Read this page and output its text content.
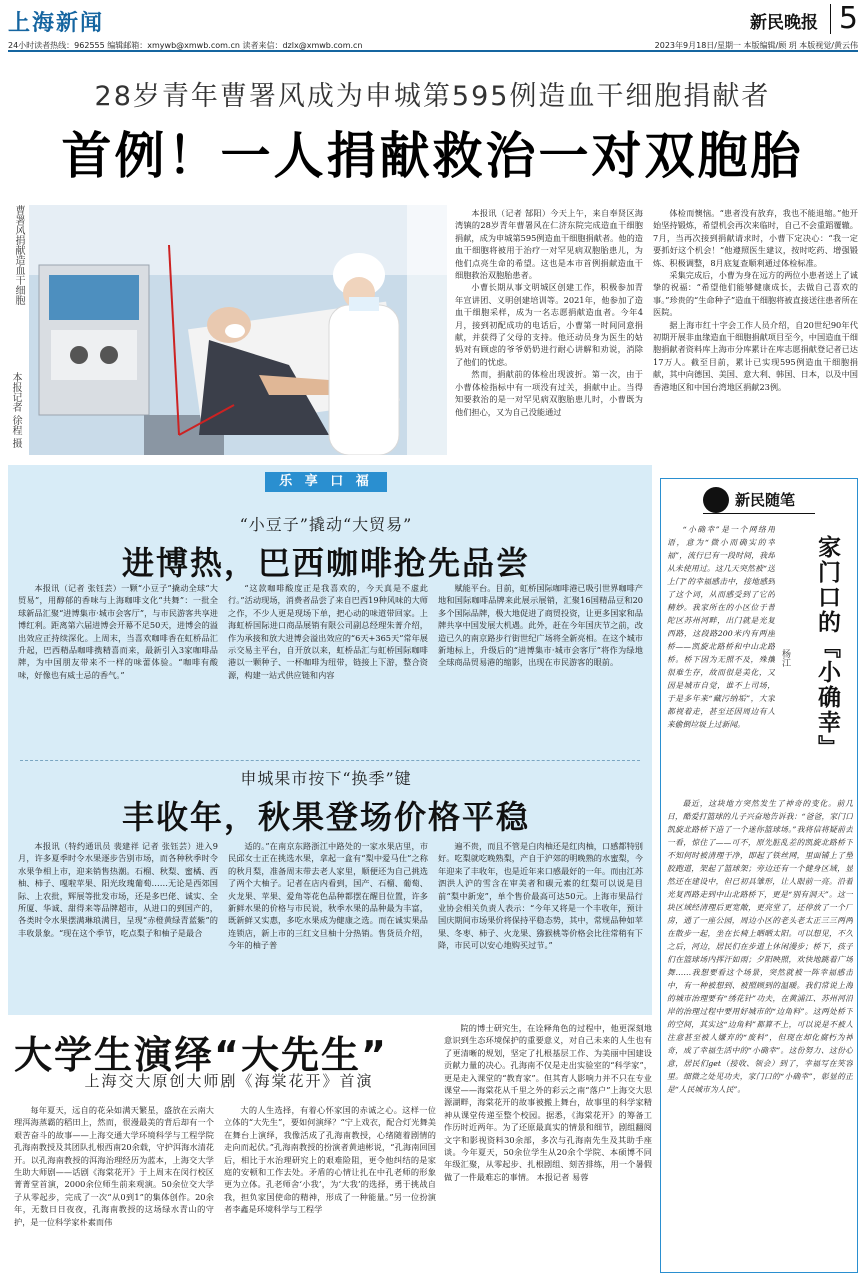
上海新闻	新民晚报 5
24小时读者热线：962555 编辑邮箱：xmywb@xmwb.com.cn 读者来信：dzlx@xmwb.com.cn	2023年9月18日/星期一 本版编辑/顾 玥 本版视觉/黄云伟
28岁青年曹署风成为申城第595例造血干细胞捐献者
首例！一人捐献救治一对双胞胎
曹署风捐献造血干细胞
本报记者 徐程 摄

本报讯（记者 郜阳）今天上午，来自奉贤区海湾镇的28岁青年曹署风在仁济东院完成造血干细胞捐献，成为申城第595例造血干细胞捐献者。他的造血干细胞将被用于治疗一对罕见病双胞胎患儿，为他们点亮生命的希望。这也是本市首例捐献造血干细胞救治双胞胎患者。

小曹长期从事文明城区创建工作，积极参加青年宣讲团、义明创建培训等。2021年，他参加了造血干细胞采样，成为一名志愿捐献造血者。今年4月，接到初配成功的电话后，小曹第一时间同意捐献，并获得了父母的支持。他还动员身为医生的姑妈对有顾虑的爷爷奶奶进行耐心讲解和劝说，消除了他们的忧虑。

然而，捐献前的体检出现波折。第一次，由于小曹体检指标中有一项没有过关，捐献中止。当得知要救治的是一对罕见病双胞胎患儿时，小曹既为他们担心，又为自己没能通过

体检而懊恼。“患者没有放弃，我也不能退缩。”他开始坚持锻炼，希望机会再次来临时，自己不会重蹈覆辙。7月，当再次接到捐献请求时，小曹下定决心：“我一定要抓好这个机会！”他遵照医生建议，按时吃药、增强锻炼、积极调整，8月底复查顺利通过体检标准。

采集完成后，小曹为身在远方的两位小患者送上了诚挚的祝福：“希望他们能够健康成长，去做自己喜欢的事。”珍贵的“生命种子”造血干细胞将被直接送往患者所在医院。

据上海市红十字会工作人员介绍，自20世纪90年代初期开展非血缘造血干细胞捐献项目至今，中国造血干细胞捐献者资料库上海市分库累计在库志愿捐献登记者已达17万人。截至目前，累计已实现595例造血干细胞捐献，其中向德国、美国、意大利、韩国、日本，以及中国香港地区和中国台湾地区捐献23例。

乐 享 口 福
“小豆子”撬动“大贸易”
进博热，巴西咖啡抢先品尝

本报讯（记者 张钰芸）一颗“小豆子”撬动全球“大贸易”，用醇郁的香味与上海咖啡文化“共舞”：一批全球新品汇聚“进博集市·城市会客厅”，与市民游客共享进博红利。距离第六届进博会开幕不足50天，进博会的溢出效应正持续深化。上周末，当喜欢咖啡香在虹桥品汇升起，巴西精品咖啡携精喜而来，最新引入3家咖啡品牌，为中国朋友带来不一样的味蕾体验。“咖啡有酸味，好像也有威士忌的香气。”

“这款咖啡酸度正是我喜欢的，今天真是不虚此行。”活动现场，消费者品尝了来自巴西19种风味的大师之作，不少人更是现场下单，把心动的味道带回家。上海虹桥国际进口商品展销有限公司副总经理朱菁介绍，作为承接和放大进博会溢出效应的“6天+365天”常年展示交易主平台，自开放以来，虹桥品汇与虹桥国际咖啡港以一颗种子、一杯咖啡为纽带，链接上下游，整合资源，构建一站式供应链和内容

赋能平台。目前，虹桥国际咖啡港已吸引世界咖啡产地和国际咖啡品牌来此展示展销，汇聚16国精品豆和20多个国际品牌，极大地促进了商贸投资，让更多国家和品牌共享中国发展大机遇。此外，赶在今年国庆节之前，改造已久的南京路步行街世纪广场将全新亮相。在这个城市新地标上，升级后的“进博集市·城市会客厅”将作为绿地全球商品贸易港的缩影，出现在市民游客的眼前。

申城果市按下“换季”键
丰收年，秋果登场价格平稳

本报讯（特约通讯员 裴建祥 记者 张钰芸）进入9月，许多夏季时令水果逐步告别市场，而各种秋季时令水果争相上市，迎来销售热潮。石榴、秋梨、蜜橘、西柚、柿子、嘎啦苹果、阳光玫瑰葡萄……无论是西郊国际、上农批，辉展等批发市场，还是多巴佬、诚实、全所厦、华诚、甜得来等品牌超市，从进口的到国产的，各类时令水果摆满琳琅满目，呈现“赤橙黄绿青蓝紫”的丰收景象。“现在这个季节，吃点梨子和柚子是最合

适的。”在南京东路浙江中路处的一家水果店里，市民邱女士正在挑选水果，拿起一盒有“梨中爱马仕”之称的秋月梨，准备周末带去老人家里，顺便还为自己挑选了两个大柚子。记者在店内看到，国产、石榴、葡萄、火龙果、苹果、爱角等花色品种都摆在醒目位置，许多新鲜水果的价格与市民说，秋季水果的品种最为丰富，既新鲜又实惠，多吃水果成为健康之选。而在诚实果品连锁店，新上市的三红文旦柚十分热销。售货员介绍，今年的柚子普

遍不贵，而且不管是白肉柚还是红肉柚，口感都特别好。吃梨就吃晚熟梨，产自于沪郊的明晚熟的水蜜梨，今年迎来了丰收年，也是近年来口感最好的一年。而由江苏泗洪人沪的雪含在审美者和碳元素的红梨可以说是目前“梨中新宠”，单个售价最高可达50元。上海市果品行业协会相关负责人表示：“今年又将是一个丰收年，预计国庆期间市场果价将保持平稳态势，其中，常规品种如苹果、冬枣、柿子、火龙果、猕猴桃等价格会比往常稍有下降，市民可以安心地购买过节。”

大学生演绎“大先生”
上海交大原创大师剧《海棠花开》首演

每年夏天，远自的花朵如满天繁星，盛放在云南大理洱海蒸霸的稻田上，然而，很漫最美的背后却有一个艰苦奋斗的故事——上海交通大学环境科学与工程学院孔海南教授及其团队扎根西南20余载，守护洱海水清花开。以孔海南教授的洱海治理经历为蓝本，上海交大学生助大师剧——话剧《海棠花开》于上周末在闵行校区菁菁堂首演，2000余位师生前来观演。50余位交大学子从零起步，完成了一次“从0到1”的集体创作。20余年，无数日日夜夜，孔海南教授的这场绿水青山的守护，是一位科学家朴素而伟

大的人生选择，有着心怀家国的赤诚之心。这样一位立体的“大先生”，要如何演绎？“宁上戏衣，配合灯光舞美在舞台上演绎，我像活成了孔海南教授，心绪随着剧情的走向而起伏。”孔海南教授的扮演者黄迪彬说，“孔海南回国后，相比于水治理研究上的艰难险阻，更令他纠结的是家庭的安顿和工作去处。矛盾的心情让扎在中孔老师的形象更为立体。孔老师舍‘小我’，为‘大我’的选择，勇于挑战自我，担负家国使命的精神，形成了一种能量。”另一位扮演者李鑫是环境科学与工程学

院的博士研究生，在诠释角色的过程中，他更深刻地意识到生态环境保护的重要意义，对自己未来的人生也有了更清晰的规划，坚定了扎根基层工作、为美丽中国建设贡献力量的决心。孔海南不仅是走出实验室的“科学家”，更是走入课堂的“教育家”。但其育人影响力并不只在专业课堂——海棠花从千里之外的彩云之南“落户”上海交大思源湖畔，海棠花开的故事被搬上舞台，故事里的科学家精神从课堂传递至整个校园。据悉，《海棠花开》的筹备工作历时近两年。为了还原最真实的情景和细节，剧组翻阅文字和影视资料30余部，多次与孔海南先生及其助手座谈。今年夏天，50余位学生从20余个学院、本硕博不同年级汇聚，从零起步、扎根剧组、刻苦排练，用一个暑假做了一件最难忘的事情。 本报记者 易蓉

新民随笔
家门口的『小确幸』
杨江

“小确幸”是一个网络用语，意为“微小而确实的幸福”，流行已有一段时间，我却从未使用过。这几天突然被“送上门”的幸福感击中，接地感到了这个词，从而感受到了它的精妙。我家所在的小区位于普陀区苏州河畔，出门就是光复西路，这段路200米内有两座桥——凯旋北路桥和中山北路桥。桥下因为无照不及，殊攘很难生存，故而很是美化，又因是城市自觉，谁不上司场，于是多年来“藏污纳垢”，大家都视着走，甚至还因周边有人来偷倒垃圾上过新闻。

最近，这块地方突然发生了神奇的变化。前几日，酷爱打篮球的儿子兴奋地告诉我：“爸爸，家门口凯旋北路桥下造了一个迷你篮球场。”我将信将疑前去一看，惊住了——可不，原先脏乱差的凯旋北路桥下不知何时被清理干净，即起了铁丝网，里面铺上了塑胶跑道，架起了篮球架；旁边还有一个健身区域，显然还在建设中，但已初具雏形，让人眼前一亮。沿着光复西路走到中山北路桥下，更是“别有洞天”。这一块区域经清理后更宽敞，更亮堂了，还停放了一个厂房，通了一座公园，周边小区的老头老太正三三两两在散步一起，坐在长椅上晒晒太阳。可以想见，不久之后，河边，居民们在步道上休闲漫步；桥下，孩子们在篮球场内挥汗如雨；夕阳映照，欢快地跳着广场舞……我想要看这个场景，突然就被一阵幸福感击中，有一种被想到、被照顾到的温暖。我们常说上海的城市治理要有“绣花针”功夫，在黄浦江、苏州河沿岸的治理过程中要用好城市的“边角料”。这两处桥下的空间，其实这“边角料”都算不上，可以说是不被人注意甚至被人嫌弃的“废料”，但现在却化腐朽为神奇，成了幸福生活中的“小确幸”。这份努力、这份心意，居民们get（接收、领会）到了，幸福写在笑容里。细微之处见功夫，家门口的“小确幸”，彰显的正是“人民城市为人民”。
